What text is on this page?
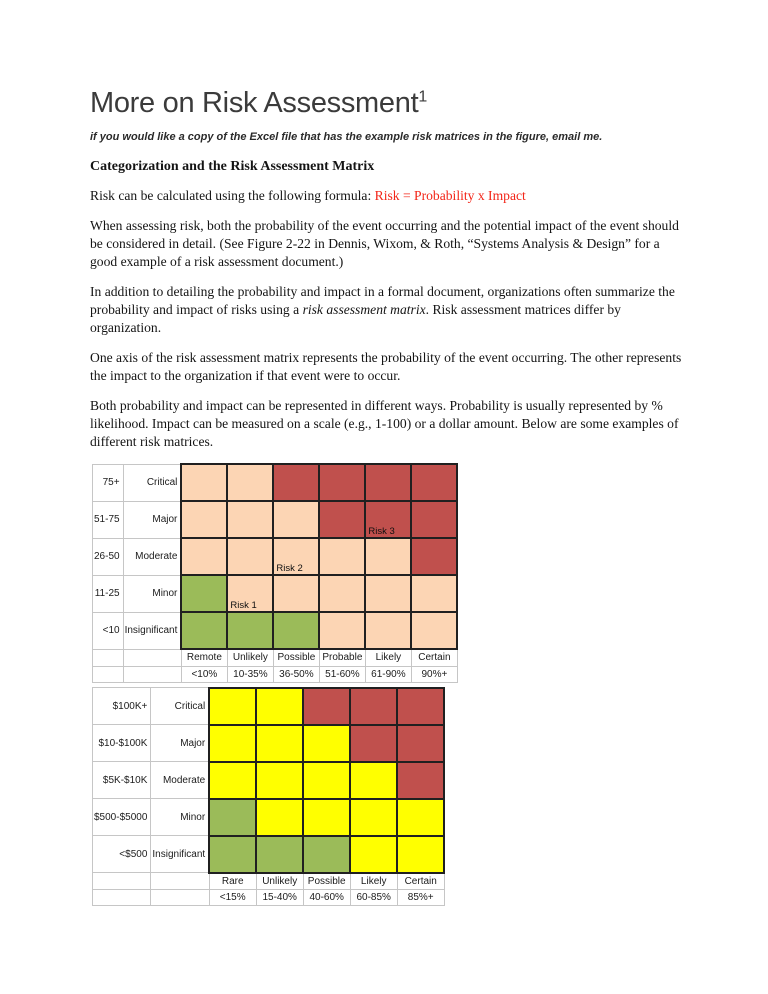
More on Risk Assessment$^1$

if you would like a copy of the Excel file that has the example risk matrices in the figure, email me.

Categorization and the Risk Assessment Matrix

Risk can be calculated using the following formula: Risk = Probability x Impact

When assessing risk, both the probability of the event occurring and the potential impact of the event should be considered in detail. (See Figure 2-22 in Dennis, Wixom, & Roth, “Systems Analysis & Design” for a good example of a risk assessment document.)

In addition to detailing the probability and impact in a formal document, organizations often summarize the probability and impact of risks using a risk assessment matrix. Risk assessment matrices differ by organization.

One axis of the risk assessment matrix represents the probability of the event occurring. The other represents the impact to the organization if that event were to occur.

Both probability and impact can be represented in different ways. Probability is usually represented by % likelihood. Impact can be measured on a scale (e.g., 1-100) or a dollar amount. Below are some examples of different risk matrices.

75+	Critical						
51-75	Major					Risk 3	

26-50	Moderate			Risk 2			

11-25	Minor		Risk 1				

<10	Insignificant						
		Remote	Unlikely	Possible	Probable	Likely	Certain
		<10%	10-35%	36-50%	51-60%	61-90%	90%+
$100K+	Critical					
$10-$100K	Major					
$5K-$10K	Moderate					
$500-$5000	Minor					
<$500	Insignificant					
		Rare	Unlikely	Possible	Likely	Certain
		<15%	15-40%	40-60%	60-85%	85%+
